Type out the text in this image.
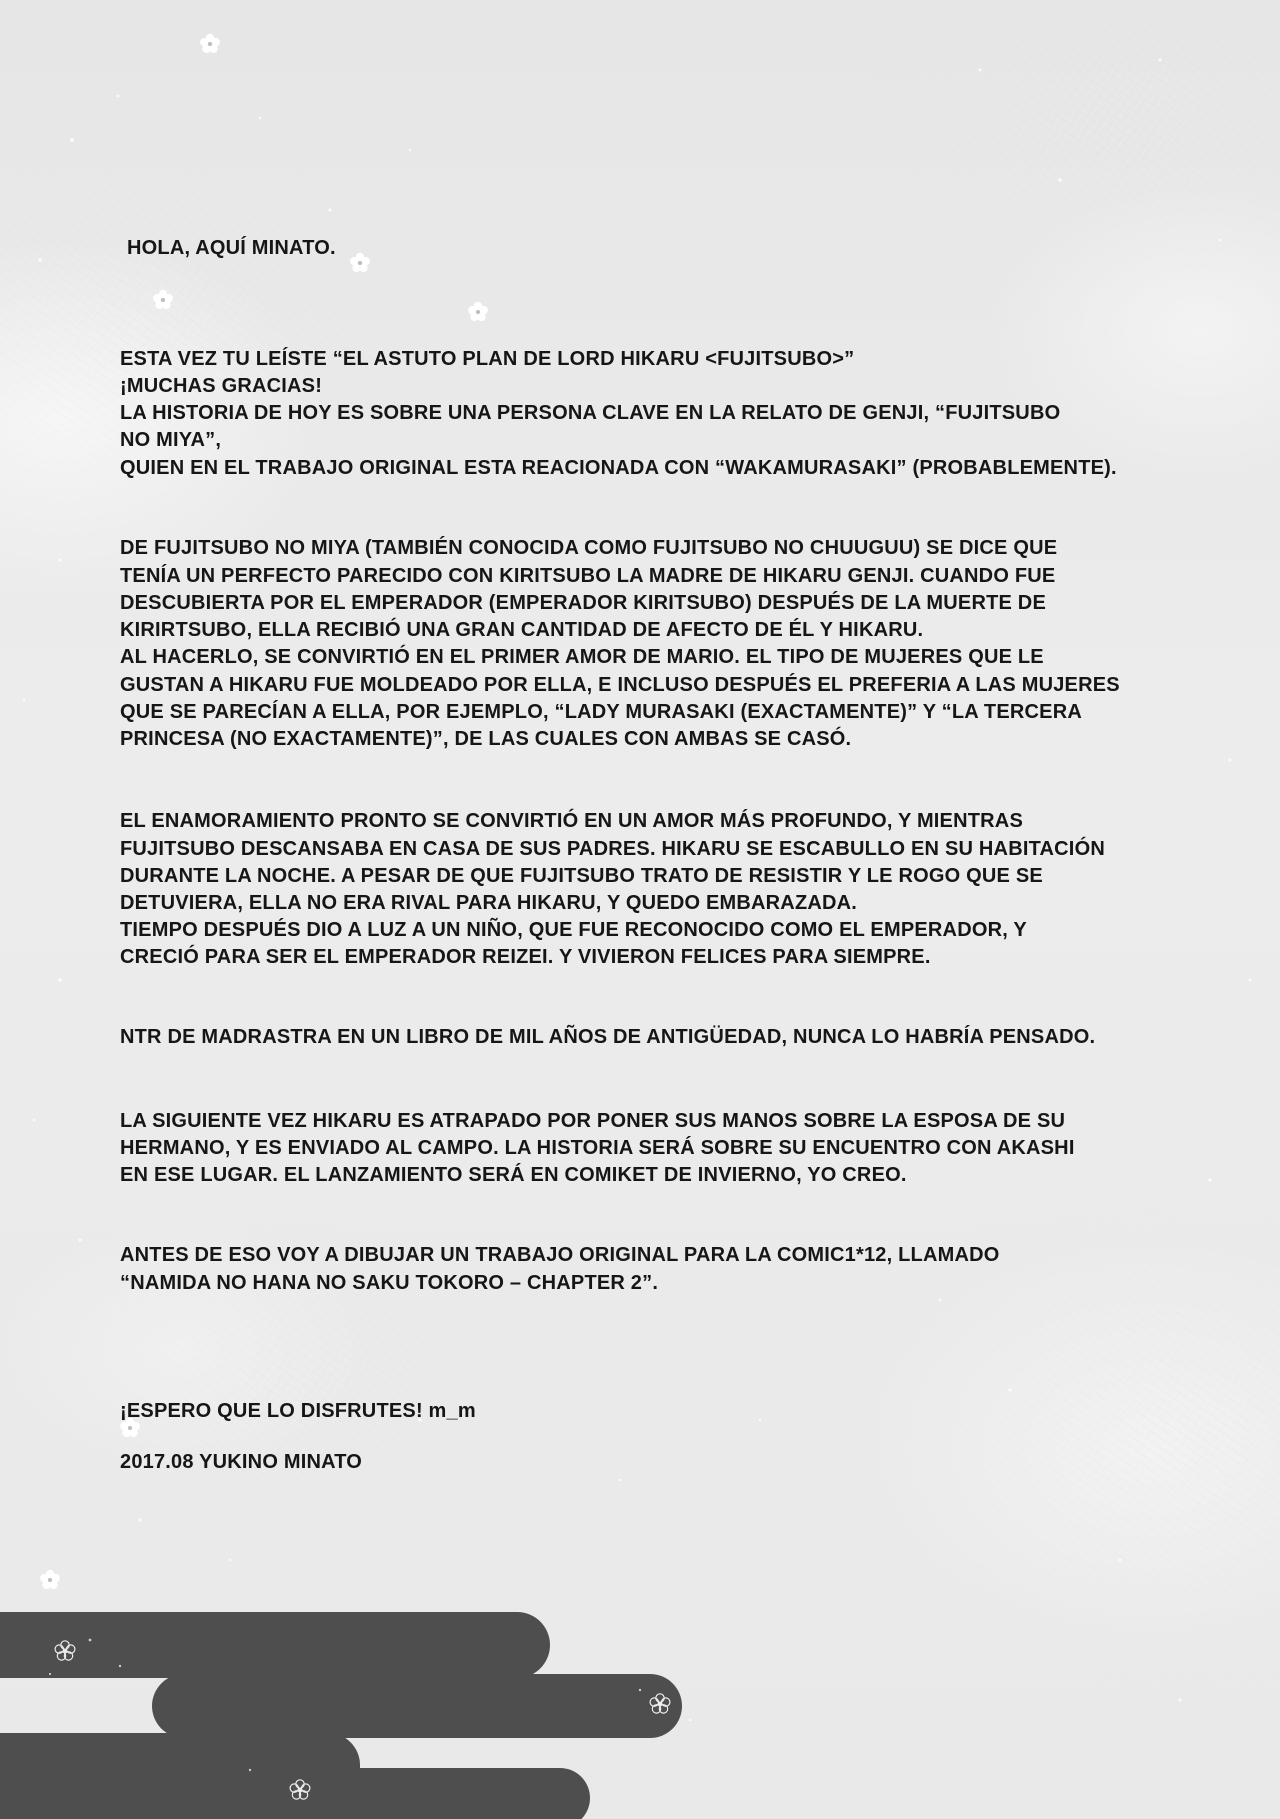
HOLA, AQUÍ MINATO.

ESTA VEZ TU LEÍSTE “EL ASTUTO PLAN DE LORD HIKARU <FUJITSUBO>”

¡MUCHAS GRACIAS!

LA HISTORIA DE HOY ES SOBRE UNA PERSONA CLAVE EN LA RELATO DE GENJI, “FUJITSUBO

NO MIYA”,

QUIEN EN EL TRABAJO ORIGINAL ESTA REACIONADA CON “WAKAMURASAKI” (PROBABLEMENTE).

DE FUJITSUBO NO MIYA (TAMBIÉN CONOCIDA COMO FUJITSUBO NO CHUUGUU) SE DICE QUE

TENÍA UN PERFECTO PARECIDO CON KIRITSUBO LA MADRE DE HIKARU GENJI. CUANDO FUE

DESCUBIERTA POR EL EMPERADOR (EMPERADOR KIRITSUBO) DESPUÉS DE LA MUERTE DE

KIRIRTSUBO, ELLA RECIBIÓ UNA GRAN CANTIDAD DE AFECTO DE ÉL Y HIKARU.

AL HACERLO, SE CONVIRTIÓ EN EL PRIMER AMOR DE MARIO. EL TIPO DE MUJERES QUE LE

GUSTAN A HIKARU FUE MOLDEADO POR ELLA, E INCLUSO DESPUÉS EL PREFERIA A LAS MUJERES

QUE SE PARECÍAN A ELLA, POR EJEMPLO, “LADY MURASAKI (EXACTAMENTE)” Y “LA TERCERA

PRINCESA (NO EXACTAMENTE)”, DE LAS CUALES CON AMBAS SE CASÓ.

EL ENAMORAMIENTO PRONTO SE CONVIRTIÓ EN UN AMOR MÁS PROFUNDO, Y MIENTRAS

FUJITSUBO DESCANSABA EN CASA DE SUS PADRES. HIKARU SE ESCABULLO EN SU HABITACIÓN

DURANTE LA NOCHE. A PESAR DE QUE FUJITSUBO TRATO DE RESISTIR Y LE ROGO QUE SE

DETUVIERA, ELLA NO ERA RIVAL PARA HIKARU, Y QUEDO EMBARAZADA.

TIEMPO DESPUÉS DIO A LUZ A UN NIÑO, QUE FUE RECONOCIDO COMO EL EMPERADOR, Y

CRECIÓ PARA SER EL EMPERADOR REIZEI. Y VIVIERON FELICES PARA SIEMPRE.

NTR DE MADRASTRA EN UN LIBRO DE MIL AÑOS DE ANTIGÜEDAD, NUNCA LO HABRÍA PENSADO.

LA SIGUIENTE VEZ HIKARU ES ATRAPADO POR PONER SUS MANOS SOBRE LA ESPOSA DE SU

HERMANO, Y ES ENVIADO AL CAMPO. LA HISTORIA SERÁ SOBRE SU ENCUENTRO CON AKASHI

EN ESE LUGAR. EL LANZAMIENTO SERÁ EN COMIKET DE INVIERNO, YO CREO.

ANTES DE ESO VOY A DIBUJAR UN TRABAJO ORIGINAL PARA LA COMIC1*12, LLAMADO

“NAMIDA NO HANA NO SAKU TOKORO – CHAPTER 2”.

¡ESPERO QUE LO DISFRUTES! m_m

2017.08 YUKINO MINATO
